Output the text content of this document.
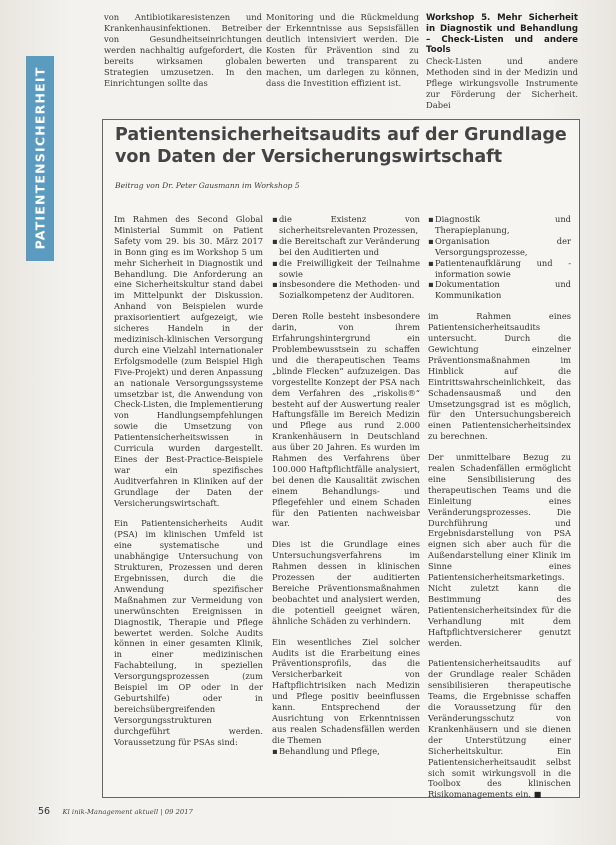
PATIENTENSICHERHEIT

von Antibiotikaresistenzen und Krankenhausinfektionen. Betreiber von Gesundheitseinrichtungen werden nachhaltig aufgefordert, die bereits wirksamen globalen Strategien umzusetzen. In den Einrichtungen sollte das

Monitoring und die Rückmeldung der Erkenntnisse aus Sepsisfällen deutlich intensiviert werden. Die Kosten für Prävention sind zu bewerten und transparent zu machen, um darlegen zu können, dass die Investition effizient ist.

Workshop 5. Mehr Sicherheit in Diagnostik und Behandlung – Check-Listen und andere Tools

Check-Listen und andere Methoden sind in der Medizin und Pflege wirkungsvolle Instrumente zur Förderung der Sicherheit. Dabei

Patientensicherheitsaudits auf der Grundlage von Daten der Versicherungswirtschaft

Beitrag von Dr. Peter Gausmann im Workshop 5

Im Rahmen des Second Global Ministerial Summit on Patient Safety vom 29. bis 30. März 2017 in Bonn ging es im Workshop 5 um mehr Sicherheit in Diagnostik und Behandlung. Die Anforderung an eine Sicherheitskultur stand dabei im Mittelpunkt der Diskussion. Anhand von Beispielen wurde praxisorientiert aufgezeigt, wie sicheres Handeln in der medizinisch-klinischen Versorgung durch eine Vielzahl internationaler Erfolgsmodelle (zum Beispiel High Five-Projekt) und deren Anpassung an nationale Versorgungssysteme umsetzbar ist, die Anwendung von Check-Listen, die Implementierung von Handlungsempfehlungen sowie die Umsetzung von Patientensicherheitswissen in Curricula wurden dargestellt. Eines der Best-Practice-Beispiele war ein spezifisches Auditverfahren in Kliniken auf der Grundlage der Daten der Versicherungswirtschaft.

Ein Patientensicherheits Audit (PSA) im klinischen Umfeld ist eine systematische und unabhängige Untersuchung von Strukturen, Prozessen und deren Ergebnissen, durch die die Anwendung spezifischer Maßnahmen zur Vermeidung von unerwünschten Ereignissen in Diagnostik, Therapie und Pflege bewertet werden. Solche Audits können in einer gesamten Klinik, in einer medizinischen Fachabteilung, in speziellen Versorgungsprozessen (zum Beispiel im OP oder in der Geburtshilfe) oder in bereichsübergreifenden Versorgungsstrukturen durchgeführt werden. Voraussetzung für PSAs sind:

▪ die Existenz von sicherheitsrelevanten Prozessen,
▪ die Bereitschaft zur Veränderung bei den Auditierten und
▪ die Freiwilligkeit der Teilnahme sowie
▪ insbesondere die Methoden- und Sozialkompetenz der Auditoren.

Deren Rolle besteht insbesondere darin, von ihrem Erfahrungshintergrund ein Problembewusstsein zu schaffen und die therapeutischen Teams „blinde Flecken“ aufzuzeigen. Das vorgestellte Konzept der PSA nach dem Verfahren des „riskolis®“ besteht auf der Auswertung realer Haftungsfälle im Bereich Medizin und Pflege aus rund 2.000 Krankenhäusern in Deutschland aus über 20 Jahren. Es wurden im Rahmen des Verfahrens über 100.000 Haftpflichtfälle analysiert, bei denen die Kausalität zwischen einem Behandlungs- und Pflegefehler und einem Schaden für den Patienten nachweisbar war.

Dies ist die Grundlage eines Untersuchungsverfahrens im Rahmen dessen in klinischen Prozessen der auditierten Bereiche Präventionsmaßnahmen beobachtet und analysiert werden, die potentiell geeignet wären, ähnliche Schäden zu verhindern.

Ein wesentliches Ziel solcher Audits ist die Erarbeitung eines Präventionsprofils, das die Versicherbarkeit von Haftpflichtrisiken nach Medizin und Pflege positiv beeinflussen kann. Entsprechend der Ausrichtung von Erkenntnissen aus realen Schadensfällen werden die Themen

▪ Behandlung und Pflege,
▪ Diagnostik und Therapieplanung,
▪ Organisation der Versorgungsprozesse,
▪ Patientenaufklärung und -information sowie
▪ Dokumentation und Kommunikation

im Rahmen eines Patientensicherheitsaudits untersucht. Durch die Gewichtung einzelner Präventionsmaßnahmen im Hinblick auf die Eintrittswahrscheinlichkeit, das Schadensausmaß und den Umsetzungsgrad ist es möglich, für den Untersuchungsbereich einen Patientensicherheitsindex zu berechnen.

Der unmittelbare Bezug zu realen Schadenfällen ermöglicht eine Sensibilisierung des therapeutischen Teams und die Einleitung eines Veränderungsprozesses. Die Durchführung und Ergebnisdarstellung von PSA eignen sich aber auch für die Außendarstellung einer Klinik im Sinne eines Patientensicherheitsmarketings. Nicht zuletzt kann die Bestimmung des Patientensicherheitsindex für die Verhandlung mit dem Haftpflichtversicherer genutzt werden.

Patientensicherheitsaudits auf der Grundlage realer Schäden sensibilisieren therapeutische Teams, die Ergebnisse schaffen die Voraussetzung für den Veränderungsschutz von Krankenhäusern und sie dienen der Unterstützung einer Sicherheitskultur. Ein Patientensicherheitsaudit selbst sich somit wirkungsvoll in die Toolbox des klinischen Risikomanagements ein. ■

56 Kl inik-Management aktuell | 09 2017
